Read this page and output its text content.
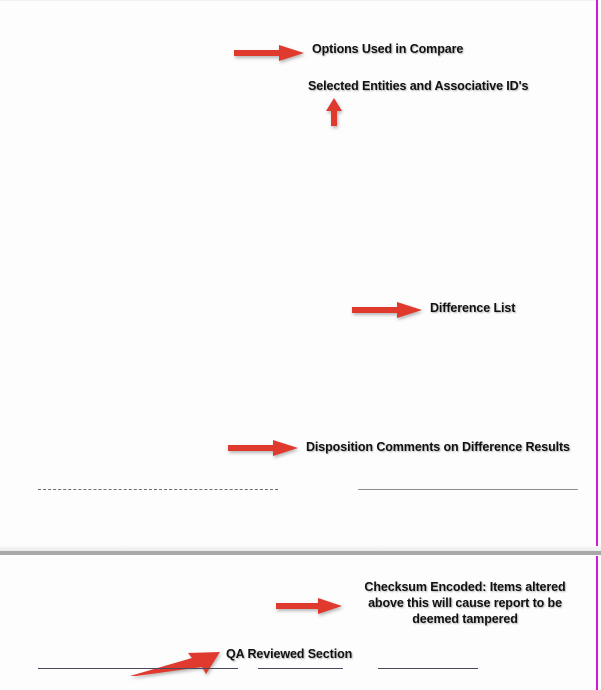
Options Used in Compare
Selected Entities and Associative ID's
Difference List
Disposition Comments on Difference Results
Checksum Encoded: Items altered
above this will cause report to be
deemed tampered
QA Reviewed Section
